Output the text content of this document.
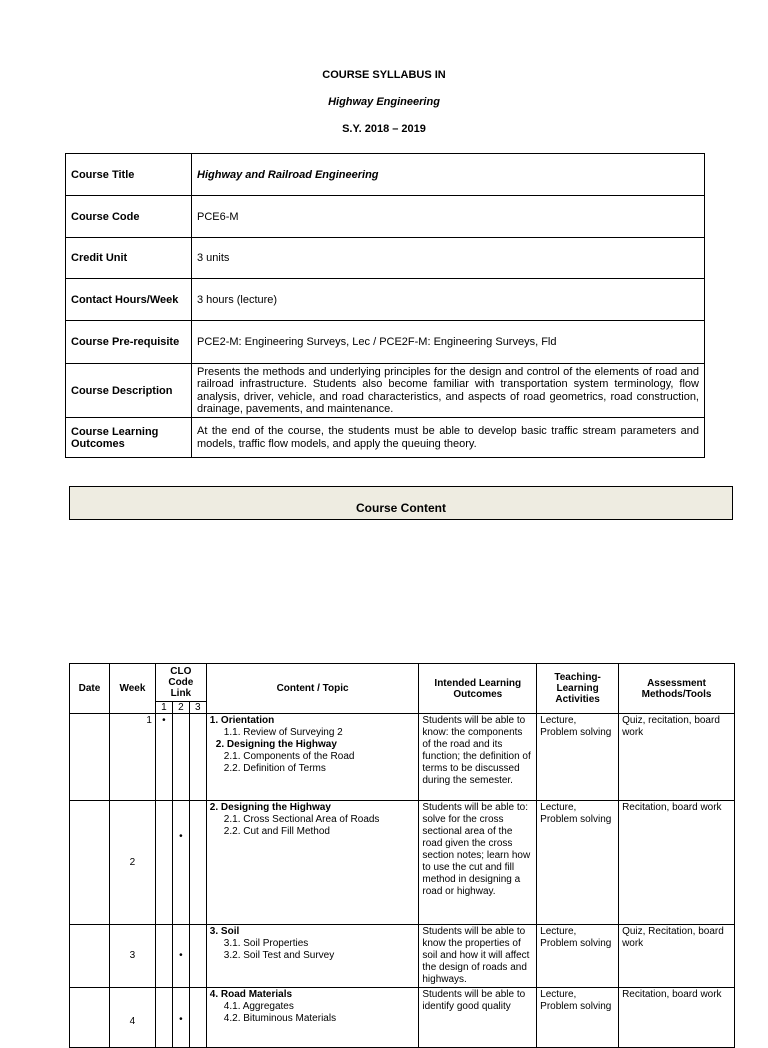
COURSE SYLLABUS IN
Highway Engineering
S.Y. 2018 – 2019
Course Title	Highway and Railroad Engineering
Course Code	PCE6-M
Credit Unit	3 units
Contact Hours/Week	3 hours (lecture)
Course Pre-requisite	PCE2-M: Engineering Surveys, Lec / PCE2F-M: Engineering Surveys, Fld
Course Description	Presents the methods and underlying principles for the design and control of the elements of road and railroad infrastructure. Students also become familiar with transportation system terminology, flow analysis, driver, vehicle, and road characteristics, and aspects of road geometrics, road construction, drainage, pavements, and maintenance.
Course Learning Outcomes	At the end of the course, the students must be able to develop basic traffic stream parameters and models, traffic flow models, and apply the queuing theory.
Course Content
Date	Week	CLO Code Link			Content / Topic	Intended Learning Outcomes	Teaching-Learning Activities	Assessment Methods/Tools
		1	2	3				
	1	•			1. Orientation
1.1. Review of Surveying 2
2. Designing the Highway
2.1. Components of the Road
2.2. Definition of Terms	Students will be able to know: the components of the road and its function; the definition of terms to be discussed during the semester.	Lecture, Problem solving	Quiz, recitation, board work
	2		•		2. Designing the Highway
2.1. Cross Sectional Area of Roads
2.2. Cut and Fill Method	Students will be able to: solve for the cross sectional area of the road given the cross section notes; learn how to use the cut and fill method in designing a road or highway.	Lecture, Problem solving	Recitation, board work
	3		•		3. Soil
3.1. Soil Properties
3.2. Soil Test and Survey	Students will be able to know the properties of soil and how it will affect the design of roads and highways.	Lecture, Problem solving	Quiz, Recitation, board work
	4		•		4. Road Materials
4.1. Aggregates
4.2. Bituminous Materials	Students will be able to identify good quality	Lecture, Problem solving	Recitation, board work
